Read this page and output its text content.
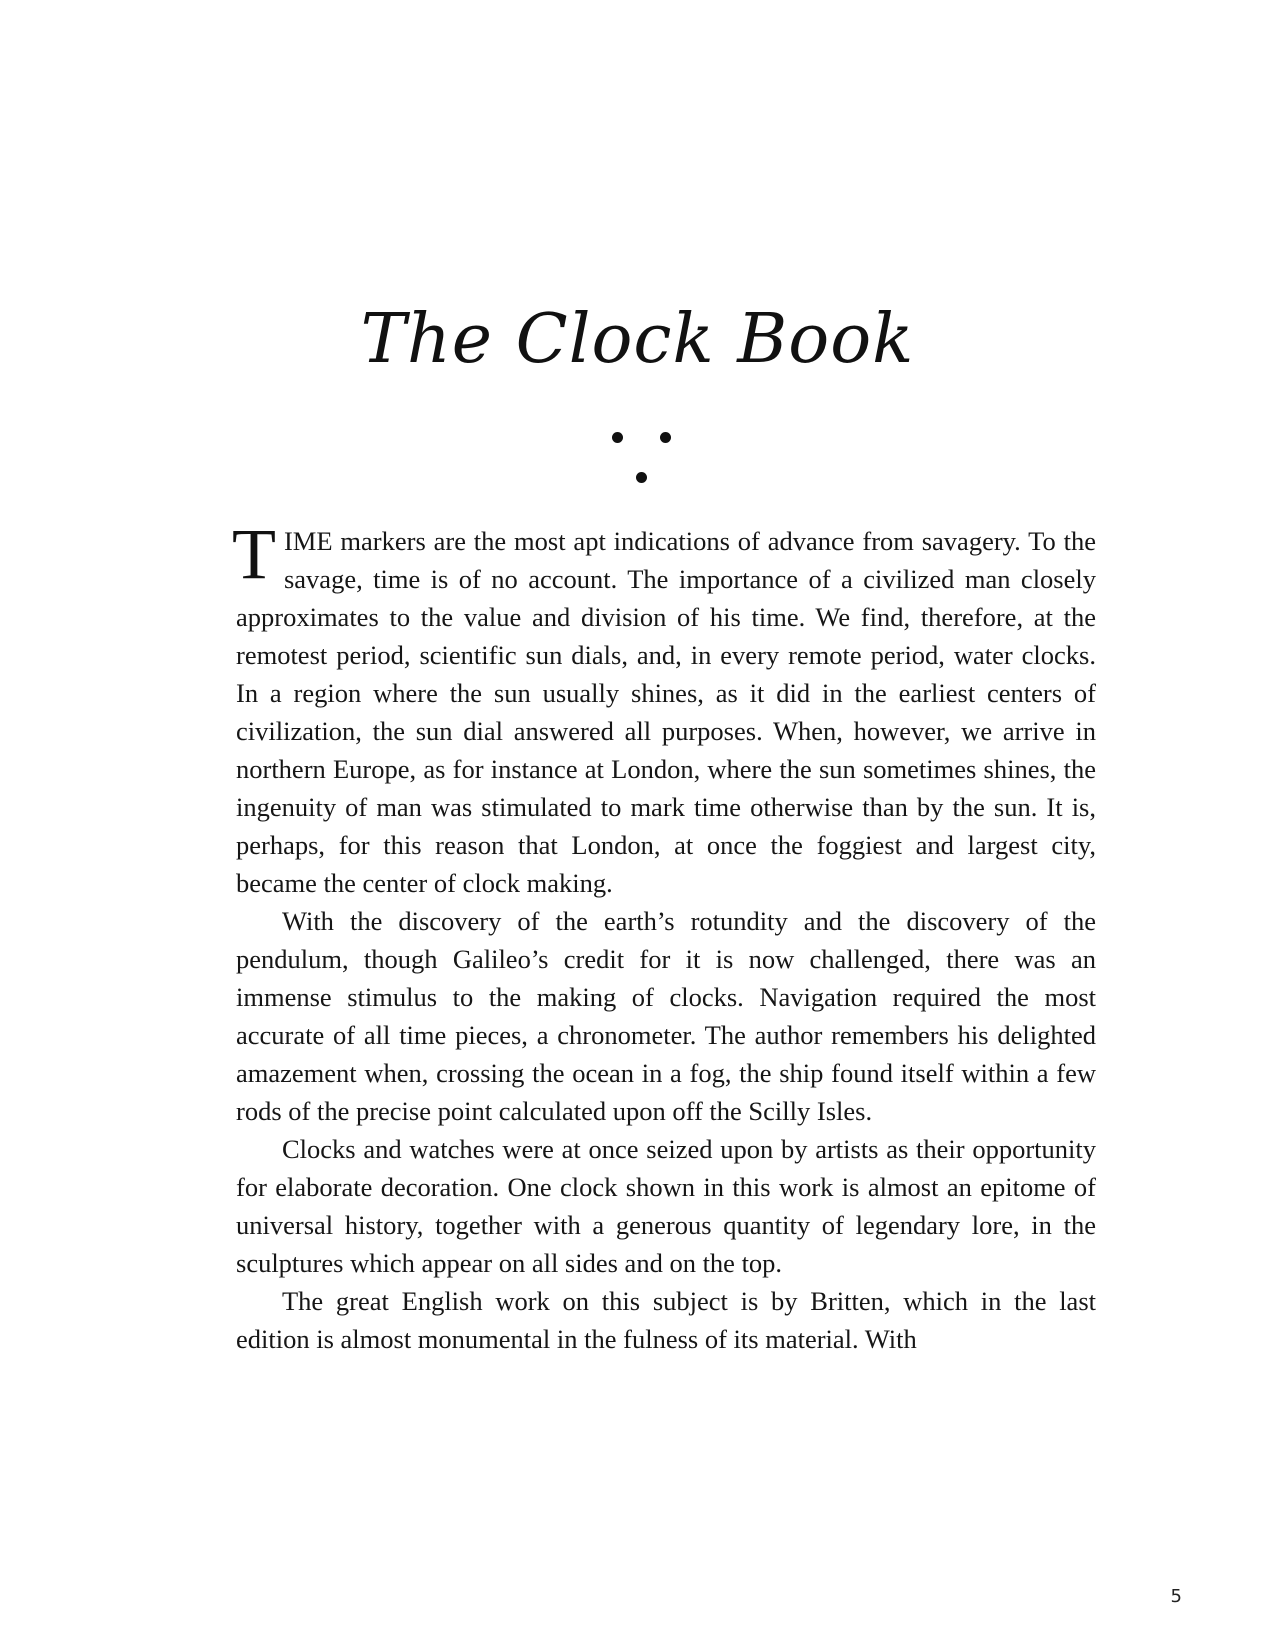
The Clock Book

TIME markers are the most apt indications of advance from savagery. To the savage, time is of no account. The importance of a civilized man closely approximates to the value and division of his time. We find, therefore, at the remotest period, scientific sun dials, and, in every remote period, water clocks. In a region where the sun usually shines, as it did in the earliest centers of civilization, the sun dial answered all purposes. When, however, we arrive in northern Europe, as for instance at London, where the sun sometimes shines, the ingenuity of man was stimulated to mark time otherwise than by the sun. It is, perhaps, for this reason that London, at once the foggiest and largest city, became the center of clock making.

With the discovery of the earth’s rotundity and the discovery of the pendulum, though Galileo’s credit for it is now challenged, there was an immense stimulus to the making of clocks. Navigation required the most accurate of all time pieces, a chronometer. The author remembers his delighted amazement when, crossing the ocean in a fog, the ship found itself within a few rods of the precise point calculated upon off the Scilly Isles.

Clocks and watches were at once seized upon by artists as their opportunity for elaborate decoration. One clock shown in this work is almost an epitome of universal history, together with a generous quantity of legendary lore, in the sculptures which appear on all sides and on the top.

The great English work on this subject is by Britten, which in the last edition is almost monumental in the fulness of its material. With

5
